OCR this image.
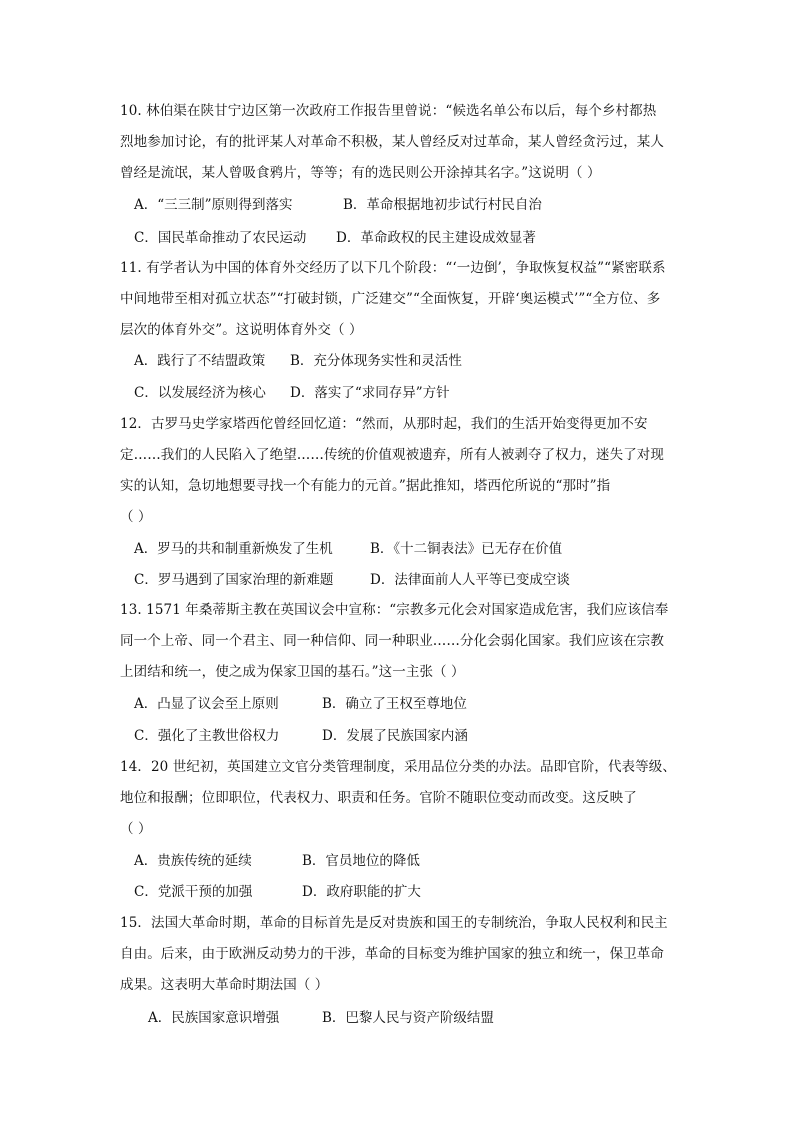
10. 林伯渠在陕甘宁边区第一次政府工作报告里曾说：“候选名单公布以后，每个乡村都热
烈地参加讨论，有的批评某人对革命不积极，某人曾经反对过革命，某人曾经贪污过，某人
曾经是流氓，某人曾吸食鸦片，等等；有的选民则公开涂掉其名字。”这说明（ ）
A．“三三制”原则得到落实	B．革命根据地初步试行村民自治
C．国民革命推动了农民运动 D．革命政权的民主建设成效显著
11. 有学者认为中国的体育外交经历了以下几个阶段：“‘一边倒’，争取恢复权益”“紧密联系
中间地带至相对孤立状态”“打破封锁，广泛建交”“全面恢复，开辟‘奥运模式’”“全方位、多
层次的体育外交”。这说明体育外交（ ）
A．践行了不结盟政策 B．充分体现务实性和灵活性
C．以发展经济为核心 D．落实了“求同存异”方针
12．古罗马史学家塔西佗曾经回忆道：“然而，从那时起，我们的生活开始变得更加不安
定……我们的人民陷入了绝望……传统的价值观被遗弃，所有人被剥夺了权力，迷失了对现
实的认知，急切地想要寻找一个有能力的元首。”据此推知，塔西佗所说的“那时”指
（ ）
A．罗马的共和制重新焕发了生机	B．《十二铜表法》已无存在价值
C．罗马遇到了国家治理的新难题	D．法律面前人人平等已变成空谈
13. 1571 年桑蒂斯主教在英国议会中宣称：“宗教多元化会对国家造成危害，我们应该信奉
同一个上帝、同一个君主、同一种信仰、同一种职业……分化会弱化国家。我们应该在宗教
上团结和统一，使之成为保家卫国的基石。”这一主张（ ）
A．凸显了议会至上原则	B．确立了王权至尊地位
C．强化了主教世俗权力	D．发展了民族国家内涵
14．20 世纪初，英国建立文官分类管理制度，采用品位分类的办法。品即官阶，代表等级、
地位和报酬；位即职位，代表权力、职责和任务。官阶不随职位变动而改变。这反映了
（ ）
A．贵族传统的延续	B．官员地位的降低
C．党派干预的加强	D．政府职能的扩大
15．法国大革命时期，革命的目标首先是反对贵族和国王的专制统治，争取人民权利和民主
自由。后来，由于欧洲反动势力的干涉，革命的目标变为维护国家的独立和统一，保卫革命
成果。这表明大革命时期法国（ ）
A．民族国家意识增强	B．巴黎人民与资产阶级结盟
